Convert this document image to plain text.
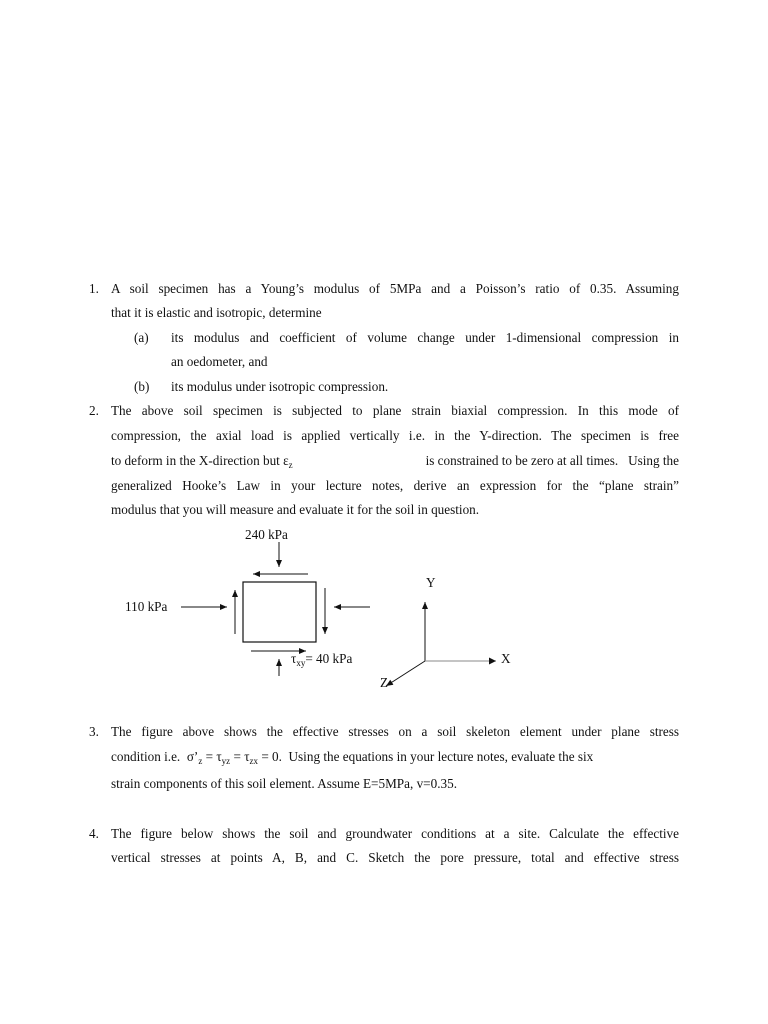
1. A soil specimen has a Young’s modulus of 5MPa and a Poisson’s ratio of 0.35. Assuming
that it is elastic and isotropic, determine
(a) its modulus and coefficient of volume change under 1-dimensional compression in
an oedometer, and
(b) its modulus under isotropic compression.
2. The above soil specimen is subjected to plane strain biaxial compression. In this mode of
compression, the axial load is applied vertically i.e. in the Y-direction. The specimen is free
to deform in the X-direction but $\varepsilon_z$	is constrained to be zero at all times.   Using the
generalized Hooke’s Law in your lecture notes, derive an expression for the “plane strain”
modulus that you will measure and evaluate it for the soil in question.
240 kPa
110 kPa
$\tau_{xy}= 40$ kPa
Y
X
Z
3. The figure above shows the effective stresses on a soil skeleton element under plane stress
condition i.e.  $\sigma’_z = \tau_{yz} = \tau_{zx} = 0$.  Using the equations in your lecture notes, evaluate the six
strain components of this soil element. Assume E=5MPa, v=0.35.
4. The figure below shows the soil and groundwater conditions at a site. Calculate the effective
vertical stresses at points A, B, and C. Sketch the pore pressure, total and effective stress
